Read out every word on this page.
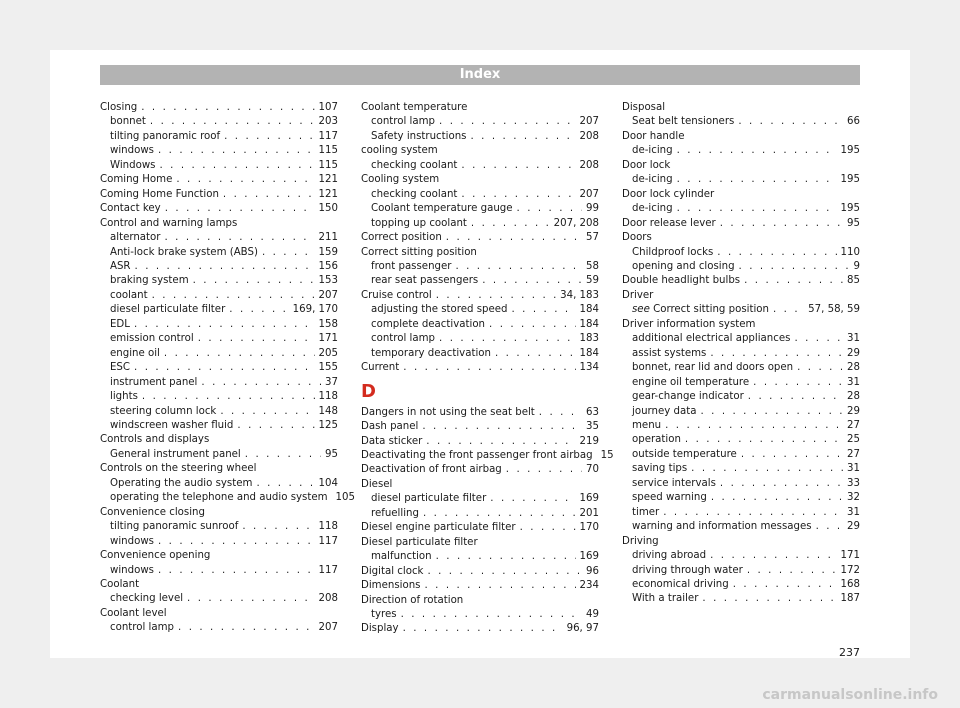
Index
Closing . . .	107
bonnet . . .	203
tilting panoramic roof . . .	117
windows . . .	115
Windows . . .	115
Coming Home . . .	121
Coming Home Function . . .	121
Contact key . . .	150
Control and warning lamps
alternator . . .	211
Anti-lock brake system (ABS) . . .	159
ASR . . .	156
braking system . . .	153
coolant . . .	207
diesel particulate filter . . .	169, 170
EDL . . .	158
emission control . . .	171
engine oil . . .	205
ESC . . .	155
instrument panel . . .	37
lights . . .	118
steering column lock . . .	148
windscreen washer fluid . . .	125
Controls and displays
General instrument panel . . .	95
Controls on the steering wheel
Operating the audio system . . .	104
operating the telephone and audio system 105
Convenience closing
tilting panoramic sunroof . . .	118
windows . . .	117
Convenience opening
windows . . .	117
Coolant
checking level . . .	208
Coolant level
control lamp . . .	207
Coolant temperature
control lamp . . .	207
Safety instructions . . .	208
cooling system
checking coolant . . .	208
Cooling system
checking coolant . . .	207
Coolant temperature gauge . . .	99
topping up coolant . . .	207, 208
Correct position . . .	57
Correct sitting position
front passenger . . .	58
rear seat passengers . . .	59
Cruise control . . .	34, 183
adjusting the stored speed . . .	184
complete deactivation . . .	184
control lamp . . .	183
temporary deactivation . . .	184
Current . . .	134
D
Dangers in not using the seat belt . . .	63
Dash panel . . .	35
Data sticker . . .	219
Deactivating the front passenger front airbag 15
Deactivation of front airbag . . .	70
Diesel
diesel particulate filter . . .	169
refuelling . . .	201
Diesel engine particulate filter . . .	170
Diesel particulate filter
malfunction . . .	169
Digital clock . . .	96
Dimensions . . .	234
Direction of rotation
tyres . . .	49
Display . . .	96, 97
Disposal
Seat belt tensioners . . .	66
Door handle
de-icing . . .	195
Door lock
de-icing . . .	195
Door lock cylinder
de-icing . . .	195
Door release lever . . .	95
Doors
Childproof locks . . .	110
opening and closing . . .	9
Double headlight bulbs . . .	85
Driver
see Correct sitting position . . .	57, 58, 59
Driver information system
additional electrical appliances . . .	31
assist systems . . .	29
bonnet, rear lid and doors open . . .	28
engine oil temperature . . .	31
gear-change indicator . . .	28
journey data . . .	29
menu . . .	27
operation . . .	25
outside temperature . . .	27
saving tips . . .	31
service intervals . . .	33
speed warning . . .	32
timer . . .	31
warning and information messages . . .	29
Driving
driving abroad . . .	171
driving through water . . .	172
economical driving . . .	168
With a trailer . . .	187
237
carmanualsonline.info
